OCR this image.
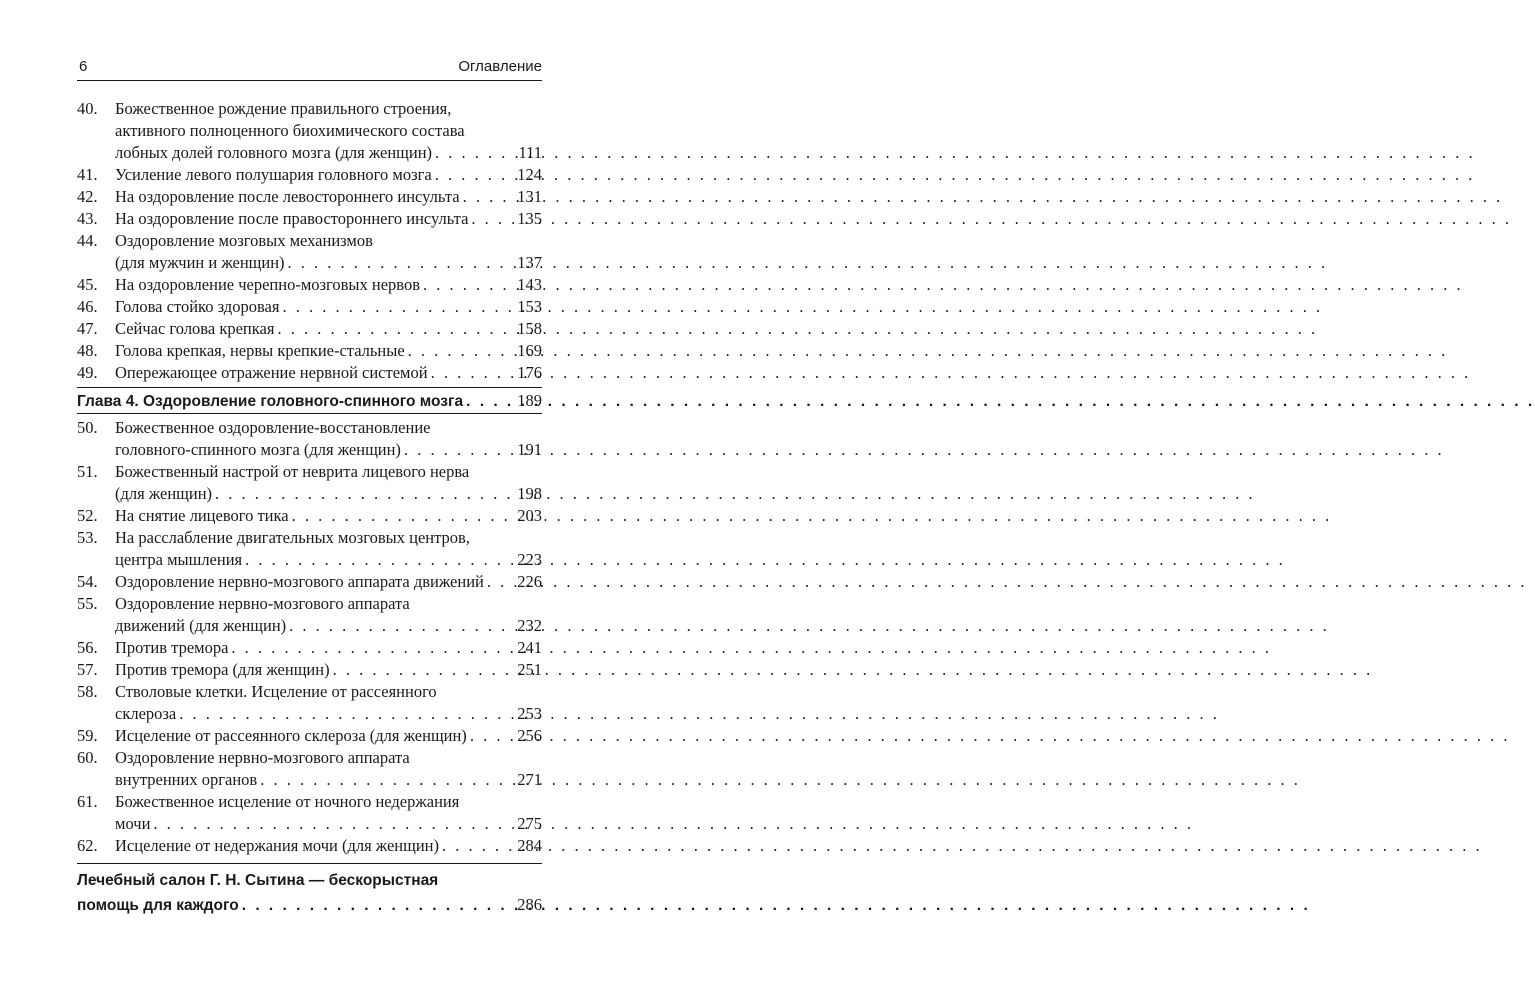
6	Оглавление
40.	Божественное рождение правильного строения,
активного полноценного биохимического состава
лобных долей головного мозга (для женщин) . . .	111
41.	Усиление левого полушария головного мозга . . .	124
42.	На оздоровление после левостороннего инсульта . . .	131
43.	На оздоровление после правостороннего инсульта . . .	135
44.	Оздоровление мозговых механизмов
(для мужчин и женщин) . . .	137
45.	На оздоровление черепно-мозговых нервов . . .	143
46.	Голова стойко здоровая . . .	153
47.	Сейчас голова крепкая . . .	158
48.	Голова крепкая, нервы крепкие-стальные . . .	169
49.	Опережающее отражение нервной системой . . .	176
Глава 4. Оздоровление головного-спинного мозга . . .	189
50.	Божественное оздоровление-восстановление
головного-спинного мозга (для женщин) . . .	191
51.	Божественный настрой от неврита лицевого нерва
(для женщин) . . .	198
52.	На снятие лицевого тика . . .	203
53.	На расслабление двигательных мозговых центров,
центра мышления . . .	223
54.	Оздоровление нервно-мозгового аппарата движений . . . 226
55.	Оздоровление нервно-мозгового аппарата
движений (для женщин) . . .	232
56.	Против тремора . . .	241
57.	Против тремора (для женщин) . . .	251
58.	Стволовые клетки. Исцеление от рассеянного
склероза . . .	253
59.	Исцеление от рассеянного склероза (для женщин) . . .	256
60.	Оздоровление нервно-мозгового аппарата
внутренних органов . . .	271
61.	Божественное исцеление от ночного недержания
мочи . . .	275
62.	Исцеление от недержания мочи (для женщин) . . .	284
Лечебный салон Г. Н. Сытина — бескорыстная
помощь для каждого . . .	286
